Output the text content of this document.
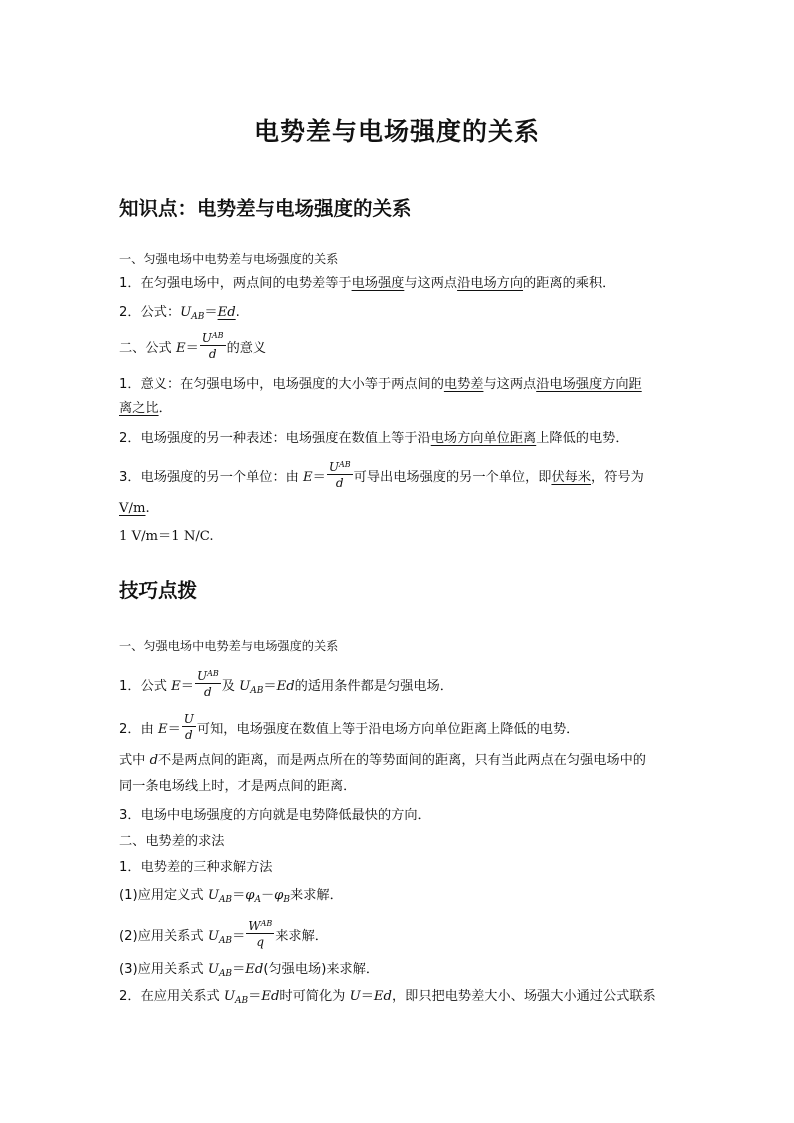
电势差与电场强度的关系
知识点：电势差与电场强度的关系
一、匀强电场中电势差与电场强度的关系
1．在匀强电场中，两点间的电势差等于电场强度与这两点沿电场方向的距离的乘积．
2．公式：$U_{AB}=Ed$.
二、公式 $E= \frac{U^{AB}}{d}$ 的意义
1．意义：在匀强电场中，电场强度的大小等于两点间的电势差与这两点沿电场强度方向距
离之比．
2．电场强度的另一种表述：电场强度在数值上等于沿电场方向单位距离上降低的电势．
3．电场强度的另一个单位：由 $E= \frac{U^{AB}}{d}$ 可导出电场强度的另一个单位，即伏每米，符号为
V/m.
1 V/m＝1 N/C.
技巧点拨
一、匀强电场中电势差与电场强度的关系
1．公式 $E= \frac{U^{AB}}{d}$ 及 $U_{AB}=Ed$的适用条件都是匀强电场．
2．由 $E= \frac{U}{d}$ 可知，电场强度在数值上等于沿电场方向单位距离上降低的电势．
式中 d不是两点间的距离，而是两点所在的等势面间的距离，只有当此两点在匀强电场中的
同一条电场线上时，才是两点间的距离．
3．电场中电场强度的方向就是电势降低最快的方向．
二、电势差的求法
1．电势差的三种求解方法
(1)应用定义式 $U_{AB}=\varphi_A-\varphi_B$来求解．
(2)应用关系式 $U_{AB}= \frac{W^{AB}}{q}$ 来求解．
(3)应用关系式 $U_{AB}=Ed$(匀强电场)来求解．
2．在应用关系式 $U_{AB}=Ed$时可简化为 U＝Ed，即只把电势差大小、场强大小通过公式联系
